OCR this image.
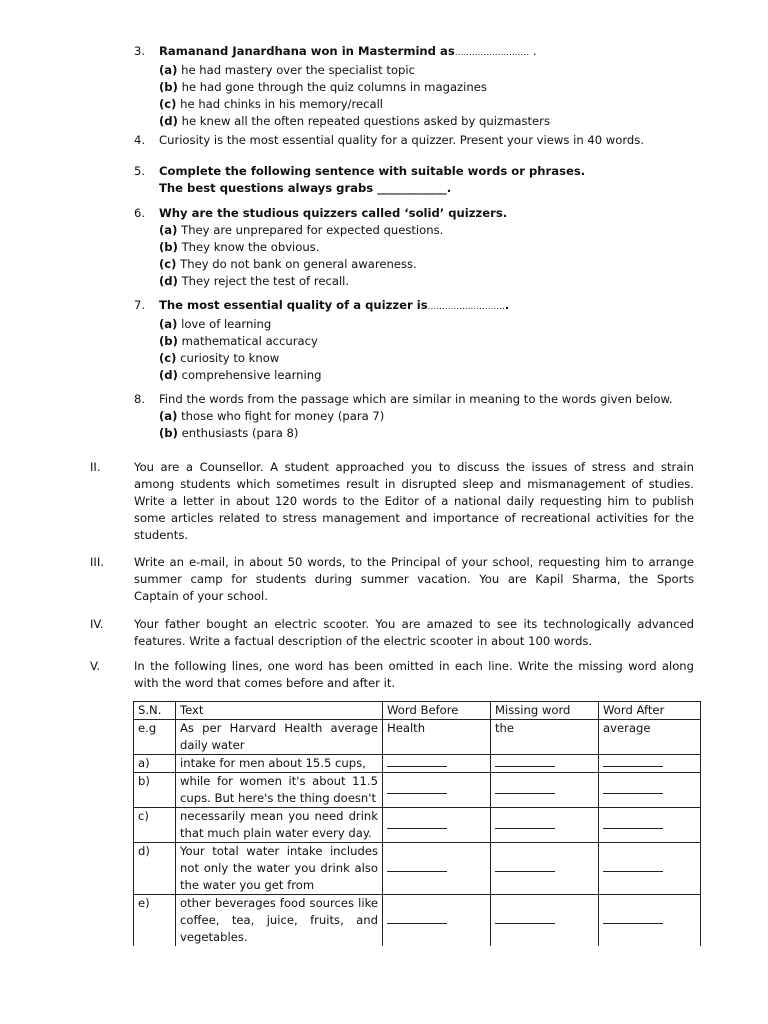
3. Ramanand Janardhana won in Mastermind as.......................... .
(a) he had mastery over the specialist topic
(b) he had gone through the quiz columns in magazines
(c) he had chinks in his memory/recall
(d) he knew all the often repeated questions asked by quizmasters
4. Curiosity is the most essential quality for a quizzer. Present your views in 40 words.
5. Complete the following sentence with suitable words or phrases.
The best questions always grabs ____________.
6. Why are the studious quizzers called ‘solid’ quizzers.
(a) They are unprepared for expected questions.
(b) They know the obvious.
(c) They do not bank on general awareness.
(d) They reject the test of recall.
7. The most essential quality of a quizzer is............................
(a) love of learning
(b) mathematical accuracy
(c) curiosity to know
(d) comprehensive learning
8. Find the words from the passage which are similar in meaning to the words given below.
(a) those who fight for money (para 7)
(b) enthusiasts (para 8)
II.	You are a Counsellor. A student approached you to discuss the issues of stress and strain
among students which sometimes result in disrupted sleep and mismanagement of studies.
Write a letter in about 120 words to the Editor of a national daily requesting him to publish
some articles related to stress management and importance of recreational activities for the
students.
III.	Write an e-mail, in about 50 words, to the Principal of your school, requesting him to arrange
summer camp for students during summer vacation. You are Kapil Sharma, the Sports
Captain of your school.
IV.	Your father bought an electric scooter. You are amazed to see its technologically advanced
features. Write a factual description of the electric scooter in about 100 words.
V.	In the following lines, one word has been omitted in each line. Write the missing word along
with the word that comes before and after it.
S.N.	Text	Word Before	Missing word	Word After
e.g	As per Harvard Health average daily water	Health	the	average
a)	intake for men about 15.5 cups,			
b)	while for women it's about 11.5 cups. But here's the thing doesn't			
c)	necessarily mean you need drink that much plain water every day.			
d)	Your total water intake includes not only the water you drink also the water you get from			
e)	other beverages food sources like coffee, tea, juice, fruits, and vegetables.			
